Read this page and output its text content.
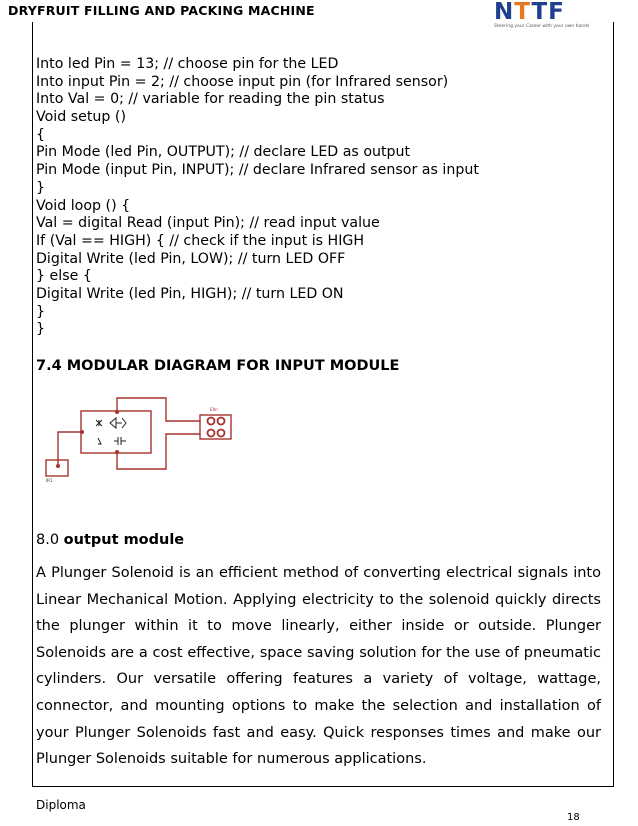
DRYFRUIT FILLING AND PACKING MACHINE	NTTF
Steering your Career with your own hands
Into led Pin = 13; // choose pin for the LED
Into input Pin = 2; // choose input pin (for Infrared sensor)
Into Val = 0; // variable for reading the pin status
Void setup ()
{
Pin Mode (led Pin, OUTPUT); // declare LED as output
Pin Mode (input Pin, INPUT); // declare Infrared sensor as input
}
Void loop () {
Val = digital Read (input Pin); // read input value
If (Val == HIGH) { // check if the input is HIGH
Digital Write (led Pin, LOW); // turn LED OFF
} else {
Digital Write (led Pin, HIGH); // turn LED ON
}
}
7.4 MODULAR DIAGRAM FOR INPUT MODULE
EXn
IR1
8.0 output module

A Plunger Solenoid is an efficient method of converting electrical signals into Linear Mechanical Motion. Applying electricity to the solenoid quickly directs the plunger within it to move linearly, either inside or outside. Plunger Solenoids are a cost effective, space saving solution for the use of pneumatic cylinders. Our versatile offering features a variety of voltage, wattage, connector, and mounting options to make the selection and installation of your Plunger Solenoids fast and easy. Quick responses times and make our Plunger Solenoids suitable for numerous applications.

Diploma
18
